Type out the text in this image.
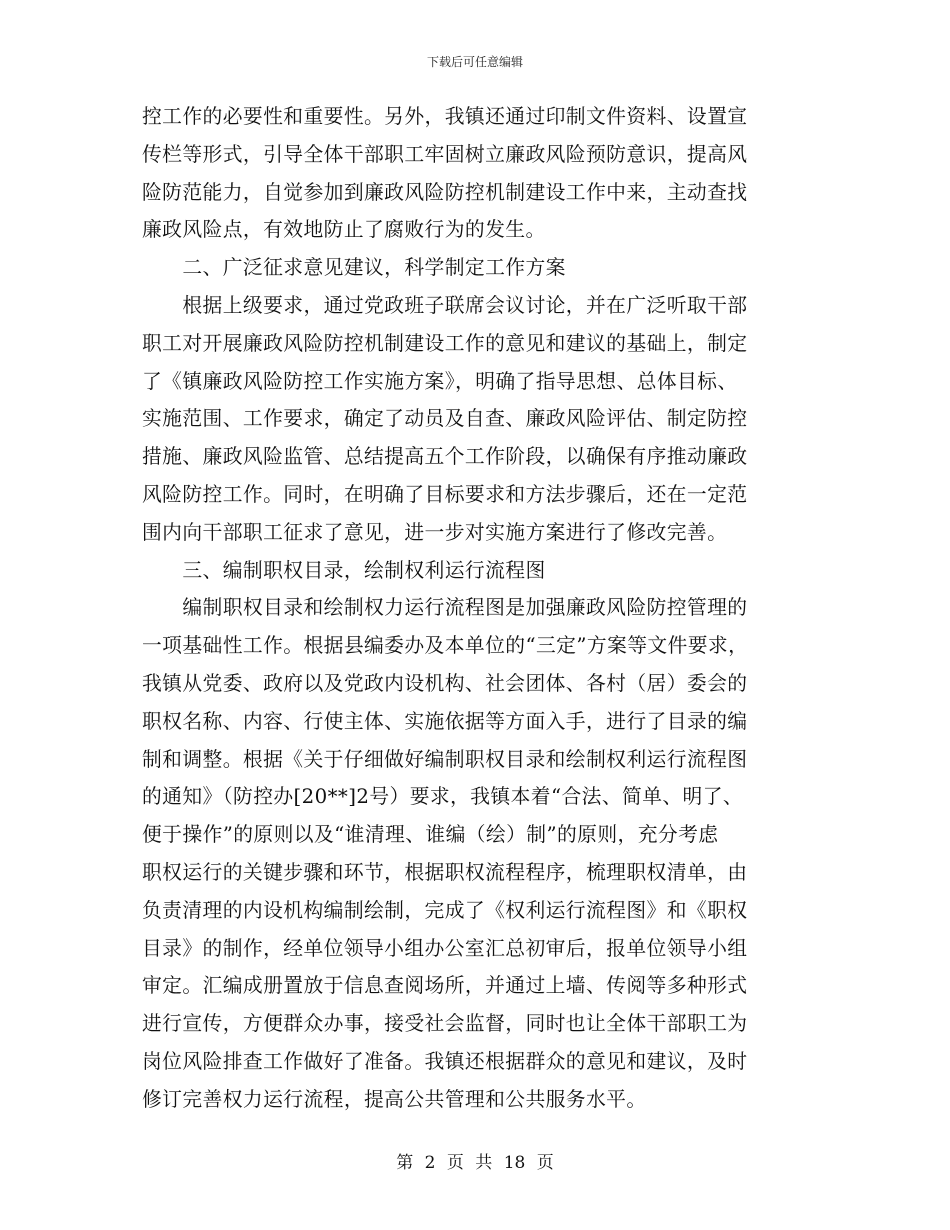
下载后可任意编辑
控工作的必要性和重要性。另外，我镇还通过印制文件资料、设置宣
传栏等形式，引导全体干部职工牢固树立廉政风险预防意识，提高风
险防范能力，自觉参加到廉政风险防控机制建设工作中来，主动查找
廉政风险点，有效地防止了腐败行为的发生。
　　二、广泛征求意见建议，科学制定工作方案
　　根据上级要求，通过党政班子联席会议讨论，并在广泛听取干部
职工对开展廉政风险防控机制建设工作的意见和建议的基础上，制定
了《镇廉政风险防控工作实施方案》，明确了指导思想、总体目标、
实施范围、工作要求，确定了动员及自查、廉政风险评估、制定防控
措施、廉政风险监管、总结提高五个工作阶段，以确保有序推动廉政
风险防控工作。同时，在明确了目标要求和方法步骤后，还在一定范
围内向干部职工征求了意见，进一步对实施方案进行了修改完善。
　　三、编制职权目录，绘制权利运行流程图
　　编制职权目录和绘制权力运行流程图是加强廉政风险防控管理的
一项基础性工作。根据县编委办及本单位的“三定”方案等文件要求，
我镇从党委、政府以及党政内设机构、社会团体、各村（居）委会的
职权名称、内容、行使主体、实施依据等方面入手，进行了目录的编
制和调整。根据《关于仔细做好编制职权目录和绘制权利运行流程图
的通知》（防控办[20**]2号）要求，我镇本着“合法、简单、明了、
便于操作”的原则以及“谁清理、谁编（绘）制”的原则，充分考虑
职权运行的关键步骤和环节，根据职权流程程序，梳理职权清单，由
负责清理的内设机构编制绘制，完成了《权利运行流程图》和《职权
目录》的制作，经单位领导小组办公室汇总初审后，报单位领导小组
审定。汇编成册置放于信息查阅场所，并通过上墙、传阅等多种形式
进行宣传，方便群众办事，接受社会监督，同时也让全体干部职工为
岗位风险排查工作做好了准备。我镇还根据群众的意见和建议，及时
修订完善权力运行流程，提高公共管理和公共服务水平。
第 2 页 共 18 页
